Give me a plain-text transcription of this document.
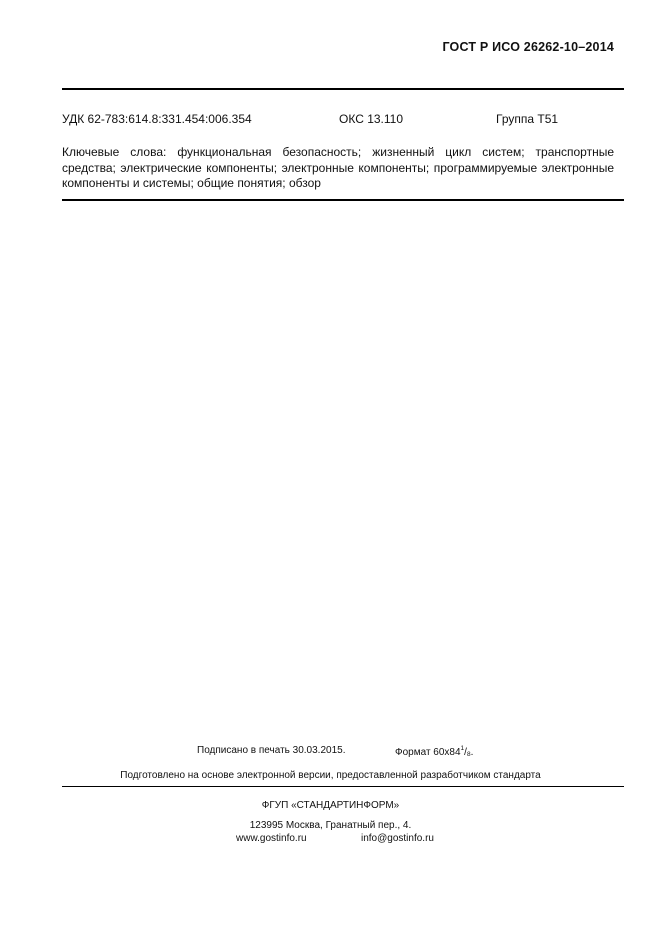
ГОСТ Р ИСО 26262-10–2014
УДК 62-783:614.8:331.454:006.354	ОКС 13.110	Группа Т51
Ключевые слова: функциональная безопасность; жизненный цикл систем; транспортные средства; электрические компоненты; электронные компоненты; программируемые электронные компоненты и системы; общие понятия; обзор
Подписано в печать 30.03.2015.	Формат $60x84^1/_8$.
Подготовлено на основе электронной версии, предоставленной разработчиком стандарта
ФГУП «СТАНДАРТИНФОРМ»
123995 Москва, Гранатный пер., 4.
www.gostinfo.ru	info@gostinfo.ru
